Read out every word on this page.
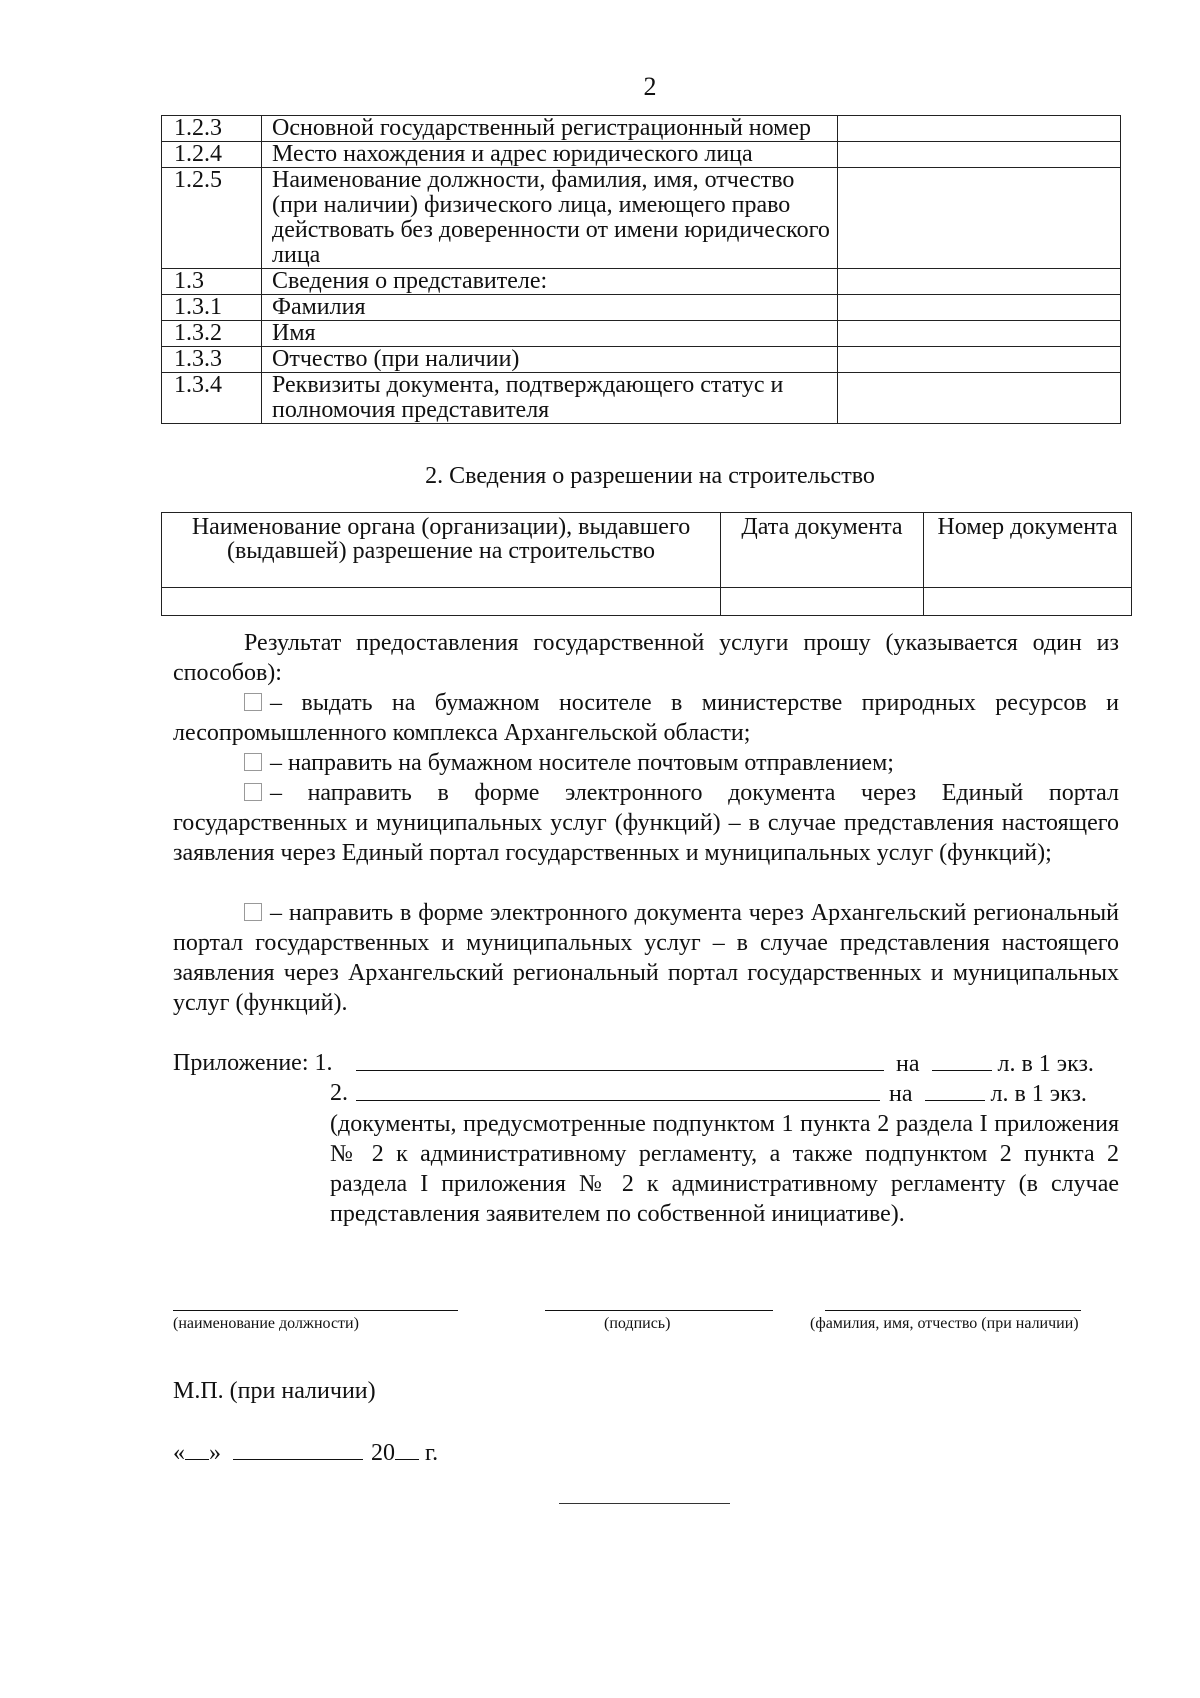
2
1.2.3	Основной государственный регистрационный номер	
1.2.4	Место нахождения и адрес юридического лица	
1.2.5	Наименование должности, фамилия, имя, отчество (при наличии) физического лица, имеющего право действовать без доверенности от имени юридического лица	
1.3	Сведения о представителе:	
1.3.1	Фамилия	
1.3.2	Имя	
1.3.3	Отчество (при наличии)	
1.3.4	Реквизиты документа, подтверждающего статус и полномочия представителя	
2. Сведения о разрешении на строительство
Наименование органа (организации), выдавшего (выдавшей) разрешение на строительство	Дата документа	Номер документа

Результат предоставления государственной услуги прошу (указывается один из способов):
– выдать на бумажном носителе в министерстве природных ресурсов и лесопромышленного комплекса Архангельской области;
– направить на бумажном носителе почтовым отправлением;
– направить в форме электронного документа через Единый портал государственных и муниципальных услуг (функций) – в случае представления настоящего заявления через Единый портал государственных и муниципальных услуг (функций);
– направить в форме электронного документа через Архангельский региональный портал государственных и муниципальных услуг – в случае представления настоящего заявления через Архангельский региональный портал государственных и муниципальных услуг (функций).
Приложение: 1.	на	л. в 1 экз.
2.	на	л. в 1 экз.
(документы, предусмотренные подпунктом 1 пункта 2 раздела I приложения № 2 к административному регламенту, а также подпунктом 2 пункта 2 раздела I приложения № 2 к административному регламенту (в случае представления заявителем по собственной инициативе).
(наименование должности)	(подпись)	(фамилия, имя, отчество (при наличии)
М.П. (при наличии)
« »	20 г.
